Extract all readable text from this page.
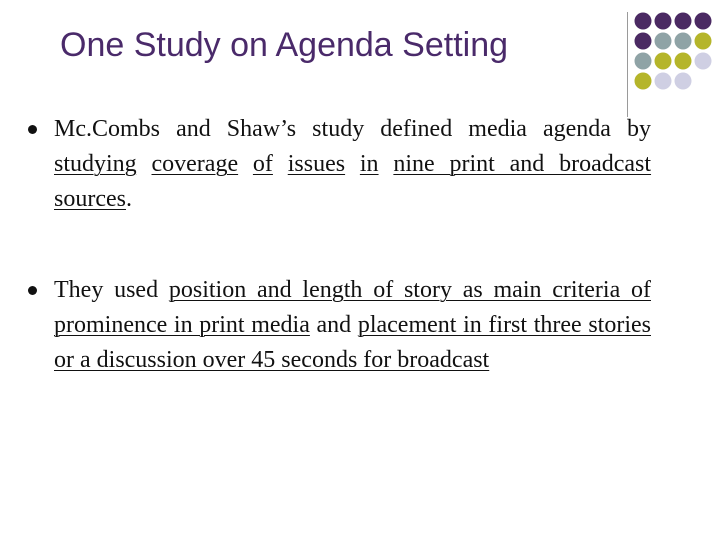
One Study on Agenda Setting
Mc.Combs and Shaw’s study defined media agenda by studying coverage of issues in nine print and broadcast sources.
They used position and length of story as main criteria of prominence in print media and placement in first three stories or a discussion over 45 seconds for broadcast
